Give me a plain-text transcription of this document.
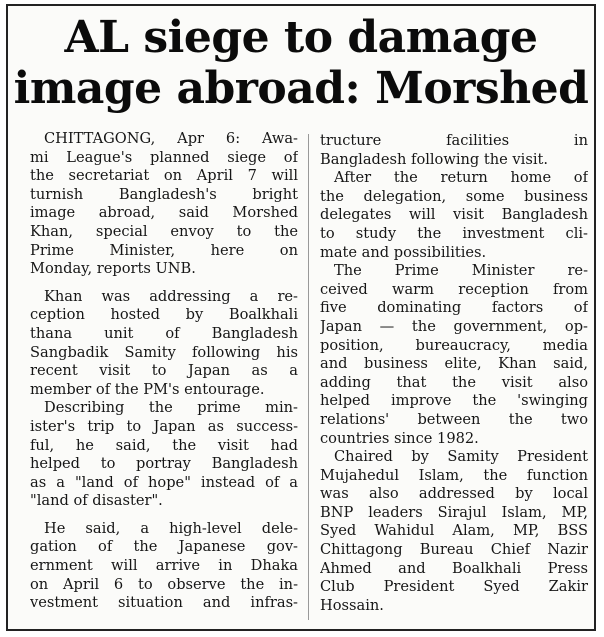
AL siege to damage
image abroad: Morshed
CHITTAGONG, Apr 6: Awa-
mi League's planned siege of
the secretariat on April 7 will
turnish Bangladesh's bright
image abroad, said Morshed
Khan, special envoy to the
Prime Minister, here on
Monday, reports UNB.
Khan was addressing a re-
ception hosted by Boalkhali
thana unit of Bangladesh
Sangbadik Samity following his
recent visit to Japan as a
member of the PM's entourage.
Describing the prime min-
ister's trip to Japan as success-
ful, he said, the visit had
helped to portray Bangladesh
as a "land of hope" instead of a
"land of disaster".
He said, a high-level dele-
gation of the Japanese gov-
ernment will arrive in Dhaka
on April 6 to observe the in-
vestment situation and infras-
tructure facilities in
Bangladesh following the visit.
After the return home of
the delegation, some business
delegates will visit Bangladesh
to study the investment cli-
mate and possibilities.
The Prime Minister re-
ceived warm reception from
five dominating factors of
Japan — the government, op-
position, bureaucracy, media
and business elite, Khan said,
adding that the visit also
helped improve the 'swinging
relations' between the two
countries since 1982.
Chaired by Samity President
Mujahedul Islam, the function
was also addressed by local
BNP leaders Sirajul Islam, MP,
Syed Wahidul Alam, MP, BSS
Chittagong Bureau Chief Nazir
Ahmed and Boalkhali Press
Club President Syed Zakir
Hossain.
